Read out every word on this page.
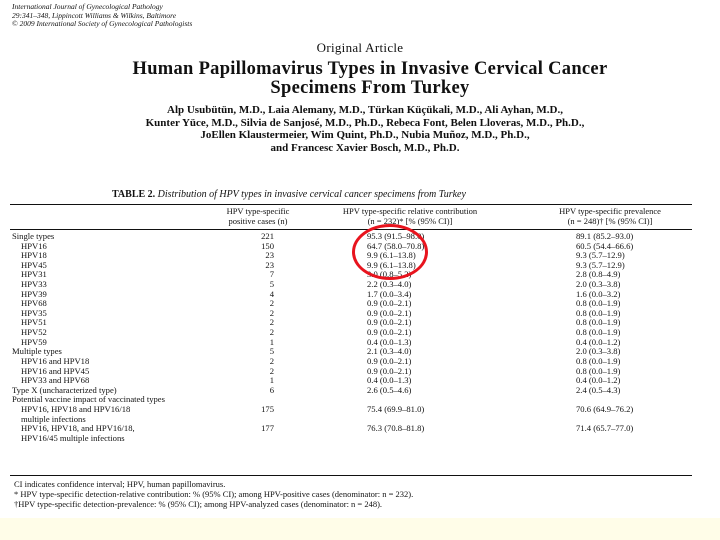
International Journal of Gynecological Pathology
29:341–348, Lippincott Williams & Wilkins, Baltimore
© 2009 International Society of Gynecological Pathologists
Original Article
Human Papillomavirus Types in Invasive Cervical Cancer
Specimens From Turkey
Alp Usubütün, M.D., Laia Alemany, M.D., Türkan Küçükali, M.D., Ali Ayhan, M.D.,
Kunter Yüce, M.D., Silvia de Sanjosé, M.D., Ph.D., Rebeca Font, Belen Lloveras, M.D., Ph.D.,
JoEllen Klaustermeier, Wim Quint, Ph.D., Nubia Muñoz, M.D., Ph.D.,
and Francesc Xavier Bosch, M.D., Ph.D.
TABLE 2. Distribution of HPV types in invasive cervical cancer specimens from Turkey
HPV type-specific
positive cases (n)
HPV type-specific relative contribution
(n = 232)* [% (95% CI)]
HPV type-specific prevalence
(n = 248)† [% (95% CI)]
Single types	221	95.3 (91.5–98.0)	89.1 (85.2–93.0)
HPV16	150	64.7 (58.0–70.8)	60.5 (54.4–66.6)
HPV18	23	9.9 (6.1–13.8)	9.3 (5.7–12.9)
HPV45	23	9.9 (6.1–13.8)	9.3 (5.7–12.9)
HPV31	7	3.0 (0.8–5.2)	2.8 (0.8–4.9)
HPV33	5	2.2 (0.3–4.0)	2.0 (0.3–3.8)
HPV39	4	1.7 (0.0–3.4)	1.6 (0.0–3.2)
HPV68	2	0.9 (0.0–2.1)	0.8 (0.0–1.9)
HPV35	2	0.9 (0.0–2.1)	0.8 (0.0–1.9)
HPV51	2	0.9 (0.0–2.1)	0.8 (0.0–1.9)
HPV52	2	0.9 (0.0–2.1)	0.8 (0.0–1.9)
HPV59	1	0.4 (0.0–1.3)	0.4 (0.0–1.2)
Multiple types	5	2.1 (0.3–4.0)	2.0 (0.3–3.8)
HPV16 and HPV18	2	0.9 (0.0–2.1)	0.8 (0.0–1.9)
HPV16 and HPV45	2	0.9 (0.0–2.1)	0.8 (0.0–1.9)
HPV33 and HPV68	1	0.4 (0.0–1.3)	0.4 (0.0–1.2)
Type X (uncharacterized type)	6	2.6 (0.5–4.6)	2.4 (0.5–4.3)
Potential vaccine impact of vaccinated types
HPV16, HPV18 and HPV16/18	175	75.4 (69.9–81.0)	70.6 (64.9–76.2)
multiple infections
HPV16, HPV18, and HPV16/18,	177	76.3 (70.8–81.8)	71.4 (65.7–77.0)
HPV16/45 multiple infections
CI indicates confidence interval; HPV, human papillomavirus.
* HPV type-specific detection-relative contribution: % (95% CI); among HPV-positive cases (denominator: n = 232).
†HPV type-specific detection-prevalence: % (95% CI); among HPV-analyzed cases (denominator: n = 248).
